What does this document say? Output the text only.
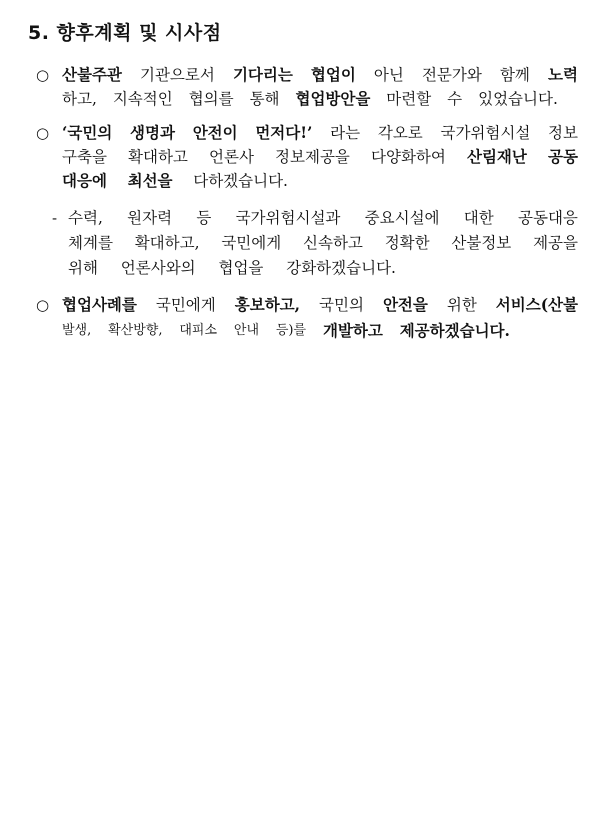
5. 향후계획 및 시사점
○ 산불주관 기관으로서 기다리는 협업이 아닌 전문가와 함께 노력
하고, 지속적인 협의를 통해 협업방안을 마련할 수 있었습니다.
○ ‘국민의 생명과 안전이 먼저다!’ 라는 각오로 국가위험시설 정보
구축을 확대하고 언론사 정보제공을 다양화하여 산림재난 공동
대응에 최선을 다하겠습니다.
- 수력, 원자력 등 국가위험시설과 중요시설에 대한 공동대응
체계를 확대하고, 국민에게 신속하고 정확한 산불정보 제공을
위해 언론사와의 협업을 강화하겠습니다.
○ 협업사례를 국민에게 홍보하고, 국민의 안전을 위한 서비스(산불
발생, 확산방향, 대피소 안내 등)를 개발하고 제공하겠습니다.
